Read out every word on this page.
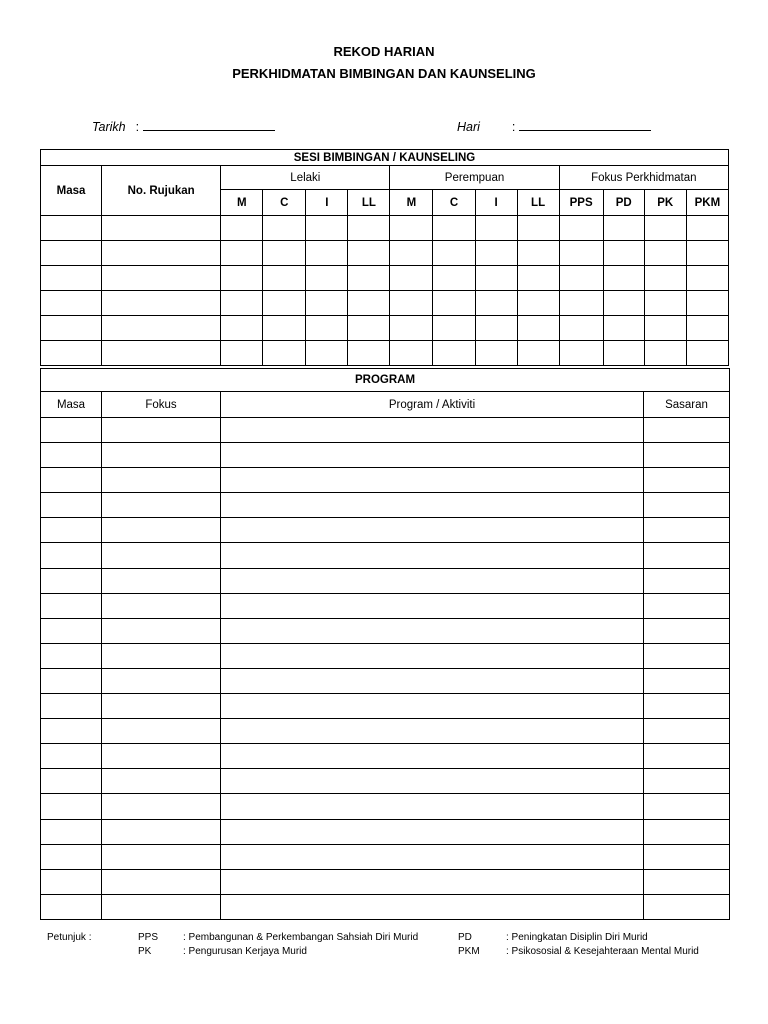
REKOD HARIAN
PERKHIDMATAN BIMBINGAN DAN KAUNSELING
Tarikh :	Hari	:
SESI BIMBINGAN / KAUNSELING													
Masa	No. Rujukan	Lelaki				Perempuan				Fokus Perkhidmatan			
		M	C	I	LL	M	C	I	LL	PPS	PD	PK	PKM

PROGRAM			
Masa	Fokus	Program / Aktiviti	Sasaran

Petunjuk :	PPS : Pembangunan & Perkembangan Sahsiah Diri Murid
PK	: Pengurusan Kerjaya Murid
PD	: Peningkatan Disiplin Diri Murid
PKM	: Psikososial & Kesejahteraan Mental Murid
